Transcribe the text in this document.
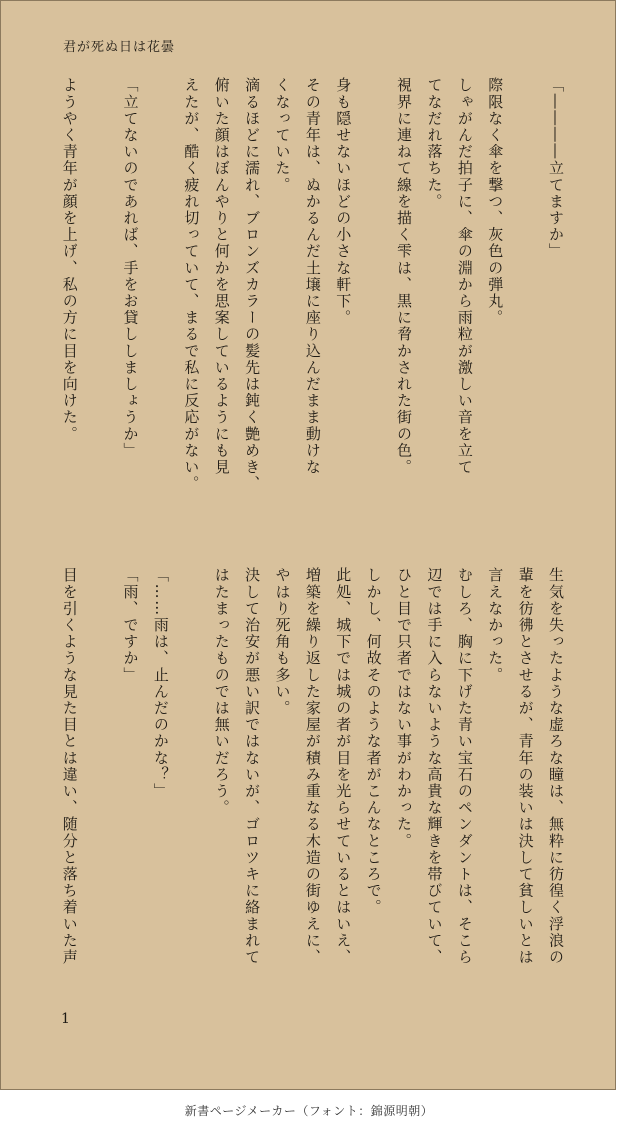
君が死ぬ日は花曇
「――――立てますか」
際限なく傘を撃つ、灰色の弾丸。
しゃがんだ拍子に、傘の淵から雨粒が激しい音を立て
てなだれ落ちた。
視界に連ねて線を描く雫は、黒に脅かされた街の色。
身も隠せないほどの小さな軒下。
その青年は、ぬかるんだ土壌に座り込んだまま動けな
くなっていた。
滴るほどに濡れ、ブロンズカラーの髪先は鈍く艶めき、
俯いた顔はぼんやりと何かを思案しているようにも見
えたが、酷く疲れ切っていて、まるで私に反応がない。
「立てないのであれば、手をお貸ししましょうか」
ようやく青年が顔を上げ、私の方に目を向けた。
生気を失ったような虚ろな瞳は、無粋に彷徨く浮浪の
輩を彷彿とさせるが、青年の装いは決して貧しいとは
言えなかった。
むしろ、胸に下げた青い宝石のペンダントは、そこら
辺では手に入らないような高貴な輝きを帯びていて、
ひと目で只者ではない事がわかった。
しかし、何故そのような者がこんなところで。
此処、城下では城の者が目を光らせているとはいえ、
増築を繰り返した家屋が積み重なる木造の街ゆえに、
やはり死角も多い。
決して治安が悪い訳ではないが、ゴロツキに絡まれて
はたまったものでは無いだろう。
「……雨は、止んだのかな？」
「雨、ですか」
目を引くような見た目とは違い、随分と落ち着いた声
1
新書ページメーカー（フォント：錦源明朝）
